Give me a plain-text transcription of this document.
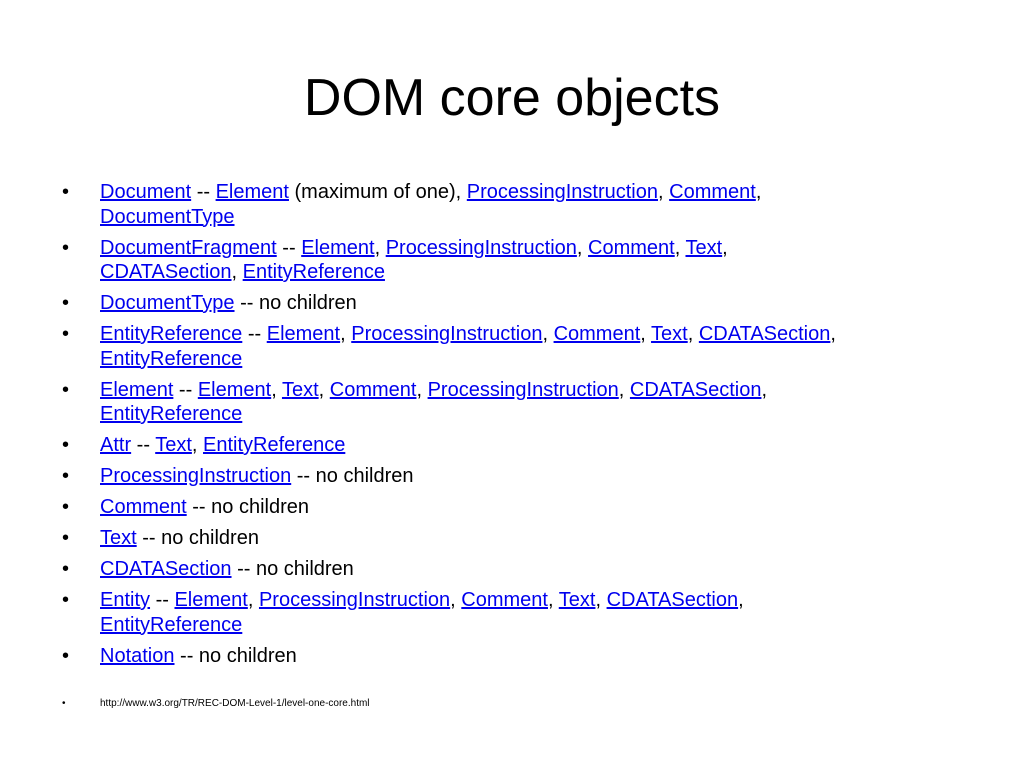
DOM core objects
• Document -- Element (maximum of one), ProcessingInstruction, Comment,
DocumentType
• DocumentFragment -- Element, ProcessingInstruction, Comment, Text,
CDATASection, EntityReference
• DocumentType -- no children
• EntityReference -- Element, ProcessingInstruction, Comment, Text, CDATASection,
EntityReference
• Element -- Element, Text, Comment, ProcessingInstruction, CDATASection,
EntityReference
• Attr -- Text, EntityReference
• ProcessingInstruction -- no children
• Comment -- no children
• Text -- no children
• CDATASection -- no children
• Entity -- Element, ProcessingInstruction, Comment, Text, CDATASection,
EntityReference
• Notation -- no children
•	http://www.w3.org/TR/REC-DOM-Level-1/level-one-core.html
